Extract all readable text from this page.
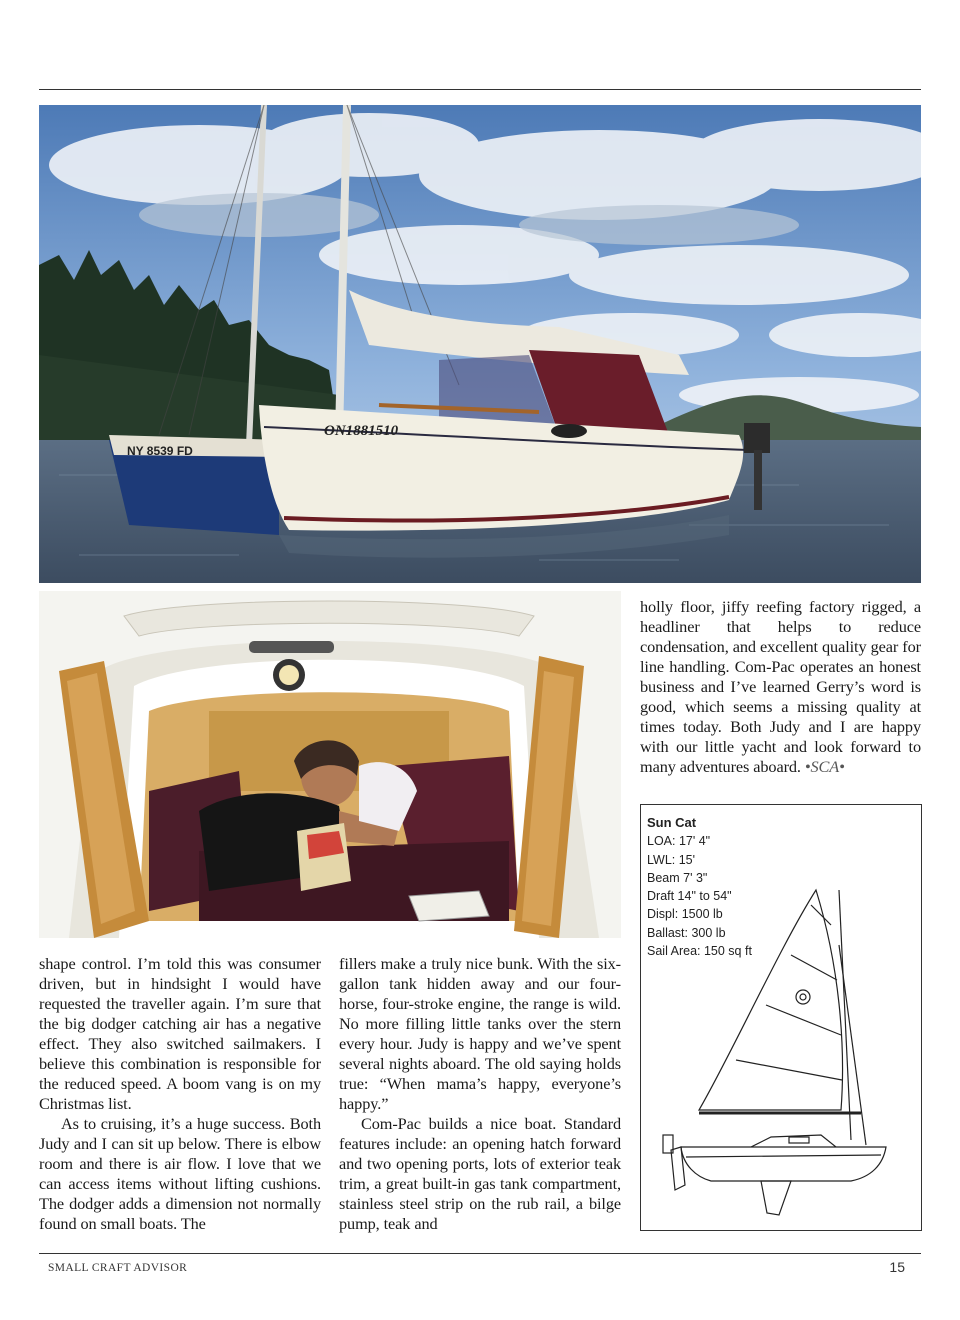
NY 8539 FD
ON1881510

shape control. I’m told this was consumer driven, but in hindsight I would have requested the traveller again. I’m sure that the big dodger catching air has a negative effect. They also switched sailmakers. I believe this combination is responsible for the reduced speed. A boom vang is on my Christmas list.

As to cruising, it’s a huge success. Both Judy and I can sit up below. There is elbow room and there is air flow. I love that we can access items without lifting cushions. The dodger adds a dimension not normally found on small boats. The

fillers make a truly nice bunk. With the six-gallon tank hidden away and our four-horse, four-stroke engine, the range is wild. No more filling little tanks over the stern every hour. Judy is happy and we’ve spent several nights aboard. The old saying holds true: “When mama’s happy, everyone’s happy.”

Com-Pac builds a nice boat. Standard features include: an opening hatch forward and two opening ports, lots of exterior teak trim, a great built-in gas tank compartment, stainless steel strip on the rub rail, a bilge pump, teak and

holly floor, jiffy reefing factory rigged, a headliner that helps to reduce condensation, and excellent quality gear for line handling. Com-Pac operates an honest business and I’ve learned Gerry’s word is good, which seems a missing quality at times today. Both Judy and I are happy with our little yacht and look forward to many adventures aboard. •SCA•

Sun Cat
LOA: 17' 4"
LWL: 15'
Beam 7' 3"
Draft 14" to 54"
Displ: 1500 lb
Ballast: 300 lb
Sail Area: 150 sq ft
SMALL CRAFT ADVISOR	15
